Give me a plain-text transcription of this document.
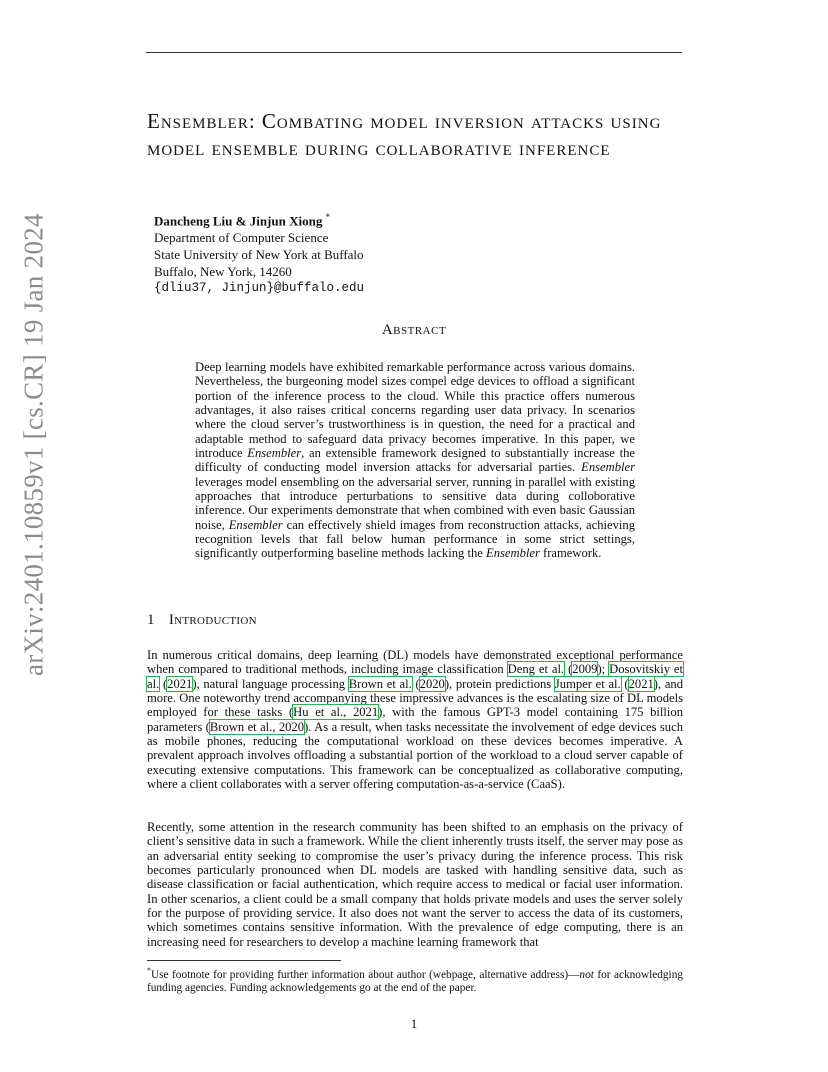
arXiv:2401.10859v1 [cs.CR] 19 Jan 2024
Ensembler: Combating model inversion attacks using model ensemble during collaborative inference
Dancheng Liu & Jinjun Xiong *
Department of Computer Science
State University of New York at Buffalo
Buffalo, New York, 14260
{dliu37, Jinjun}@buffalo.edu
Abstract

Deep learning models have exhibited remarkable performance across various domains. Nevertheless, the burgeoning model sizes compel edge devices to offload a significant portion of the inference process to the cloud. While this practice offers numerous advantages, it also raises critical concerns regarding user data privacy. In scenarios where the cloud server’s trustworthiness is in question, the need for a practical and adaptable method to safeguard data privacy becomes imperative. In this paper, we introduce Ensembler, an extensible framework designed to substantially increase the difficulty of conducting model inversion attacks for adversarial parties. Ensembler leverages model ensembling on the adversarial server, running in parallel with existing approaches that introduce perturbations to sensitive data during colloborative inference. Our experiments demonstrate that when combined with even basic Gaussian noise, Ensembler can effectively shield images from reconstruction attacks, achieving recognition levels that fall below human performance in some strict settings, significantly outperforming baseline methods lacking the Ensembler framework.

1 Introduction

In numerous critical domains, deep learning (DL) models have demonstrated exceptional performance when compared to traditional methods, including image classification Deng et al. (2009); Dosovitskiy et al. (2021), natural language processing Brown et al. (2020), protein predictions Jumper et al. (2021), and more. One noteworthy trend accompanying these impressive advances is the escalating size of DL models employed for these tasks (Hu et al., 2021), with the famous GPT-3 model containing 175 billion parameters (Brown et al., 2020). As a result, when tasks necessitate the involvement of edge devices such as mobile phones, reducing the computational workload on these devices becomes imperative. A prevalent approach involves offloading a substantial portion of the workload to a cloud server capable of executing extensive computations. This framework can be conceptualized as collaborative computing, where a client collaborates with a server offering computation-as-a-service (CaaS).

Recently, some attention in the research community has been shifted to an emphasis on the privacy of client’s sensitive data in such a framework. While the client inherently trusts itself, the server may pose as an adversarial entity seeking to compromise the user’s privacy during the inference process. This risk becomes particularly pronounced when DL models are tasked with handling sensitive data, such as disease classification or facial authentication, which require access to medical or facial user information. In other scenarios, a client could be a small company that holds private models and uses the server solely for the purpose of providing service. It also does not want the server to access the data of its customers, which sometimes contains sensitive information. With the prevalence of edge computing, there is an increasing need for researchers to develop a machine learning framework that

*Use footnote for providing further information about author (webpage, alternative address)—not for acknowledging funding agencies. Funding acknowledgements go at the end of the paper.

1
